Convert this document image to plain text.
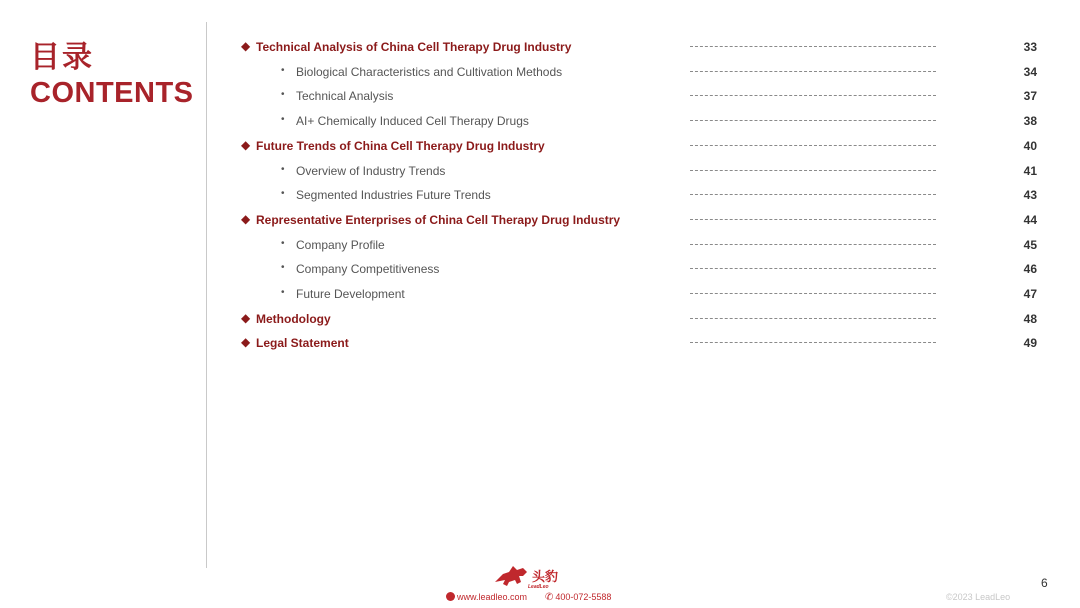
目录
CONTENTS
◆ Technical Analysis of China Cell Therapy Drug Industry	33
• Biological Characteristics and Cultivation Methods	34
• Technical Analysis	37
• AI+ Chemically Induced Cell Therapy Drugs	38
◆ Future Trends of China Cell Therapy Drug Industry	40
• Overview of Industry Trends	41
• Segmented Industries Future Trends	43
◆ Representative Enterprises of China Cell Therapy Drug Industry	44
• Company Profile	45
• Company Competitiveness	46
• Future Development	47
◆ Methodology	48
◆ Legal Statement	49
头豹
LeadLeo
www.leadleo.com ✆ 400-072-5588
6
©2023 LeadLeo
